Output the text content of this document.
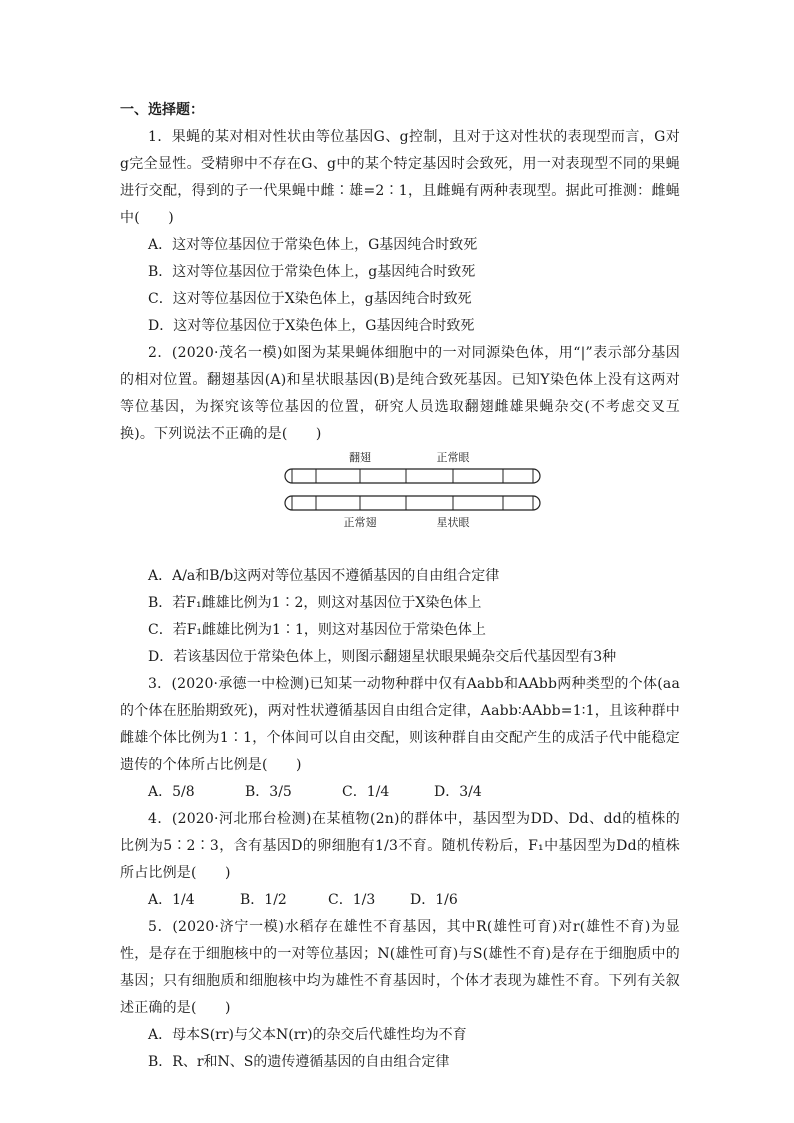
一、选择题：

1．果蝇的某对相对性状由等位基因G、g控制，且对于这对性状的表现型而言，G对g完全显性。受精卵中不存在G、g中的某个特定基因时会致死，用一对表现型不同的果蝇进行交配，得到的子一代果蝇中雌∶雄=2∶1，且雌蝇有两种表现型。据此可推测：雌蝇中(　　)

A．这对等位基因位于常染色体上，G基因纯合时致死

B．这对等位基因位于常染色体上，g基因纯合时致死

C．这对等位基因位于X染色体上，g基因纯合时致死

D．这对等位基因位于X染色体上，G基因纯合时致死

2．(2020·茂名一模)如图为某果蝇体细胞中的一对同源染色体，用“|”表示部分基因的相对位置。翻翅基因(A)和星状眼基因(B)是纯合致死基因。已知Y染色体上没有这两对等位基因，为探究该等位基因的位置，研究人员选取翻翅雌雄果蝇杂交(不考虑交叉互换)。下列说法不正确的是(　　)

翻翅	正常眼
正常翅	星状眼

A．A/a和B/b这两对等位基因不遵循基因的自由组合定律

B．若F₁雌雄比例为1∶2，则这对基因位于X染色体上

C．若F₁雌雄比例为1∶1，则这对基因位于常染色体上

D．若该基因位于常染色体上，则图示翻翅星状眼果蝇杂交后代基因型有3种

3．(2020·承德一中检测)已知某一动物种群中仅有Aabb和AAbb两种类型的个体(aa的个体在胚胎期致死)，两对性状遵循基因自由组合定律，Aabb∶AAbb=1∶1，且该种群中雌雄个体比例为1∶1，个体间可以自由交配，则该种群自由交配产生的成活子代中能稳定遗传的个体所占比例是(　　)

A．5/8	B．3/5	C．1/4	D．3/4

4．(2020·河北邢台检测)在某植物(2n)的群体中，基因型为DD、Dd、dd的植株的比例为5∶2∶3，含有基因D的卵细胞有1/3不育。随机传粉后，F₁中基因型为Dd的植株所占比例是(　　)

A．1/4	B．1/2	C．1/3	D．1/6

5．(2020·济宁一模)水稻存在雄性不育基因，其中R(雄性可育)对r(雄性不育)为显性，是存在于细胞核中的一对等位基因；N(雄性可育)与S(雄性不育)是存在于细胞质中的基因；只有细胞质和细胞核中均为雄性不育基因时，个体才表现为雄性不育。下列有关叙述正确的是(　　)

A．母本S(rr)与父本N(rr)的杂交后代雄性均为不育

B．R、r和N、S的遗传遵循基因的自由组合定律
